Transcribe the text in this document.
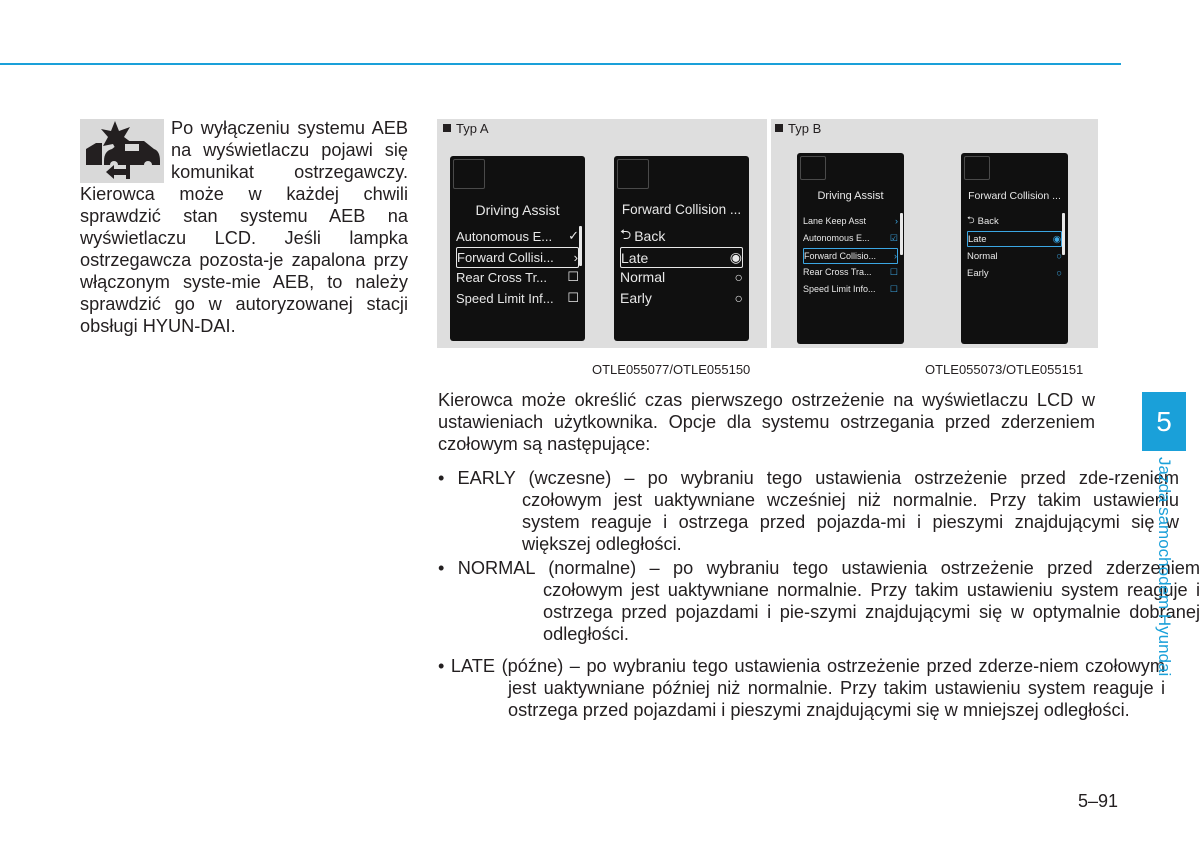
Po wyłączeniu systemu AEB na wyświetlaczu pojawi się komunikat ostrzegawczy. Kierowca może w każdej chwili sprawdzić stan systemu AEB na wyświetlaczu LCD. Jeśli lampka ostrzegawcza pozosta-je zapalona przy włączonym syste-mie AEB, to należy sprawdzić go w autoryzowanej stacji obsługi HYUN-DAI.
Typ A	Typ B
Driving Assist
Autonomous E... ✓
Forward Collisi... ›
Rear Cross Tr... ☐
Speed Limit Inf... ☐
Forward Collision ...
⮌ Back
Late	◉
Normal	○
Early	○
Driving Assist
Lane Keep Asst	›
Autonomous E... ☑
Forward Collisio... ›
Rear Cross Tra... ☐
Speed Limit Info... ☐
Forward Collision ...
⮌ Back
Late	◉
Normal	○
Early	○
OTLE055077/OTLE055150	OTLE055073/OTLE055151
Kierowca może określić czas pierwszego ostrzeżenie na wyświetlaczu LCD w ustawieniach użytkownika. Opcje dla systemu ostrzegania przed zderzeniem czołowym są następujące:
• EARLY (wczesne) – po wybraniu tego ustawienia ostrzeżenie przed zde-rzeniem czołowym jest uaktywniane wcześniej niż normalnie. Przy takim ustawieniu system reaguje i ostrzega przed pojazda-mi i pieszymi znajdującymi się w większej odległości.
• NORMAL (normalne) – po wybraniu tego ustawienia ostrzeżenie przed zderzeniem czołowym jest uaktywniane normalnie. Przy takim ustawieniu system reaguje i ostrzega przed pojazdami i pie-szymi znajdującymi się w optymalnie dobranej odległości.
• LATE (późne) – po wybraniu tego ustawienia ostrzeżenie przed zderze-niem czołowym jest uaktywniane później niż normalnie. Przy takim ustawieniu system reaguje i ostrzega przed pojazdami i pieszymi znajdującymi się w mniejszej odległości.
5
Jazda samochodem Hyundai
5–91
